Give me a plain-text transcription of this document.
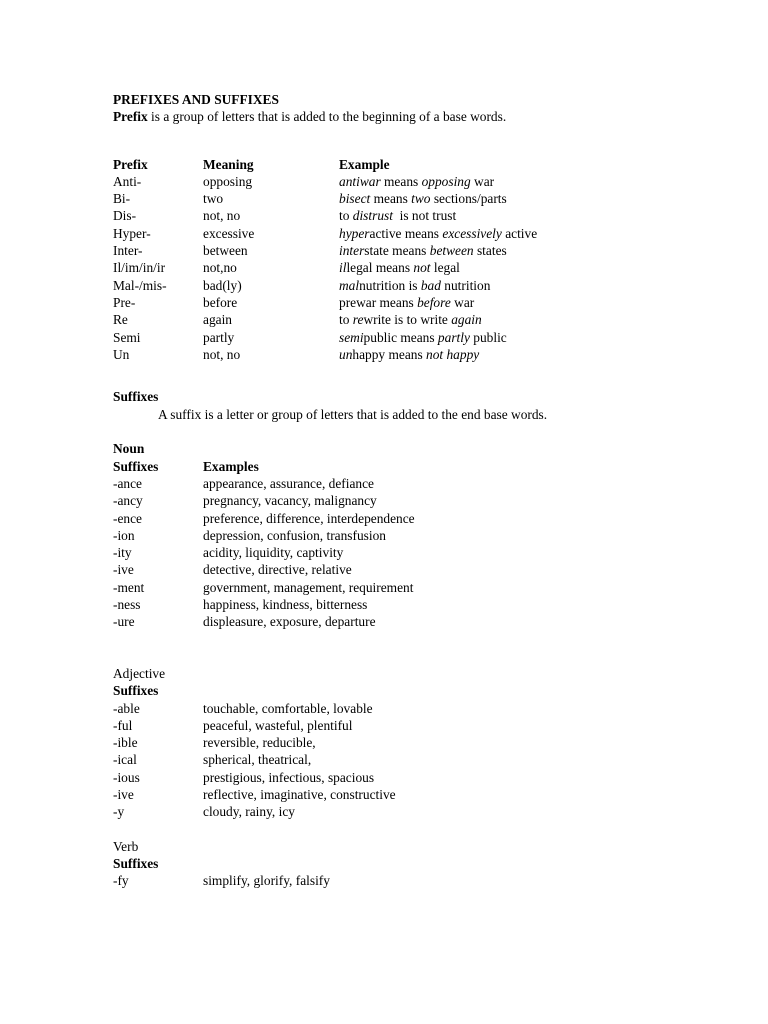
PREFIXES AND SUFFIXES
Prefix is a group of letters that is added to the beginning of a base words.
Prefix	Meaning	Example
Anti-	opposing	antiwar means opposing war
Bi-	two	bisect means two sections/parts
Dis-	not, no	to distrust  is not trust
Hyper-	excessive	hyperactive means excessively active
Inter-	between	interstate means between states
Il/im/in/ir	not,no	illegal means not legal
Mal-/mis-	bad(ly)	malnutrition is bad nutrition
Pre-	before	prewar means before war
Re	again	to rewrite is to write again
Semi	partly	semipublic means partly public
Un	not, no	unhappy means not happy
Suffixes
A suffix is a letter or group of letters that is added to the end base words.
Noun
Suffixes	Examples
-ance	appearance, assurance, defiance
-ancy	pregnancy, vacancy, malignancy
-ence	preference, difference, interdependence
-ion	depression, confusion, transfusion
-ity	acidity, liquidity, captivity
-ive	detective, directive, relative
-ment	government, management, requirement
-ness	happiness, kindness, bitterness
-ure	displeasure, exposure, departure
Adjective
Suffixes
-able	touchable, comfortable, lovable
-ful	peaceful, wasteful, plentiful
-ible	reversible, reducible,
-ical	spherical, theatrical,
-ious	prestigious, infectious, spacious
-ive	reflective, imaginative, constructive
-y	cloudy, rainy, icy
Verb
Suffixes
-fy	simplify, glorify, falsify
